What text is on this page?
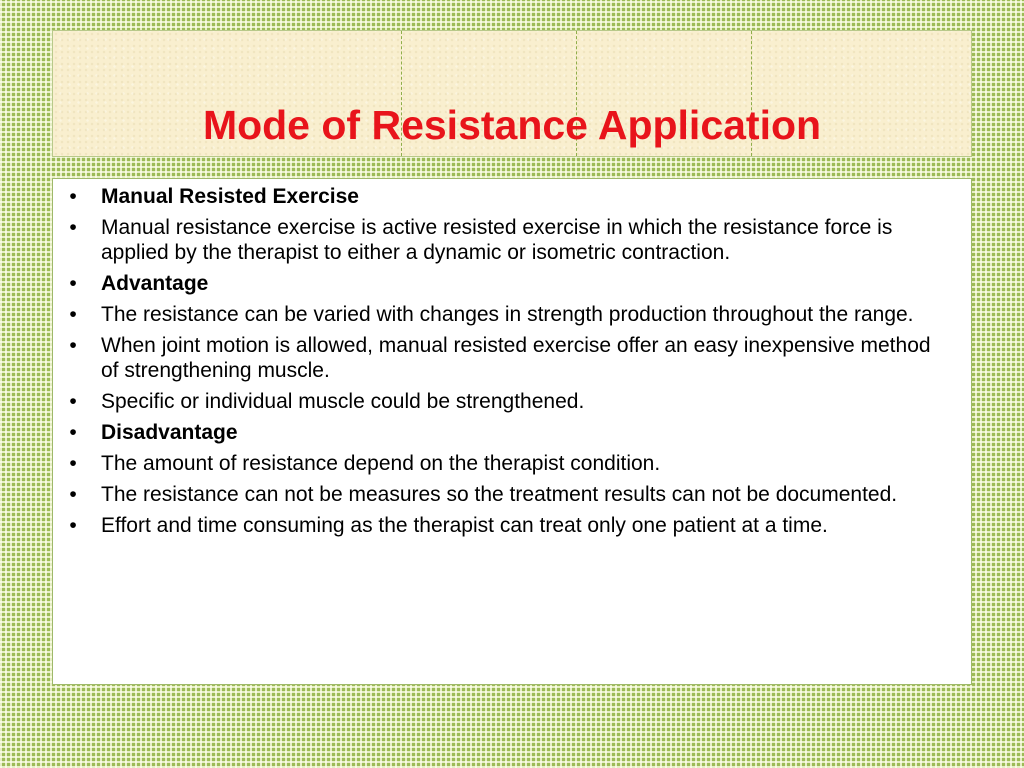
Mode of Resistance Application
•	Manual Resisted Exercise
•	Manual resistance exercise is active resisted exercise in which the resistance force is applied by the therapist to either a dynamic or isometric contraction.
•	Advantage
•	The resistance can be varied with changes in strength production throughout the range.
•	When joint motion is allowed, manual resisted exercise offer an easy inexpensive method of strengthening muscle.
•	Specific or individual muscle could be strengthened.
•	Disadvantage
•	The amount of resistance depend on the therapist condition.
•	The resistance can not be measures so the treatment results can not be documented.
•	Effort and time consuming as the therapist can treat only one patient at a time.
